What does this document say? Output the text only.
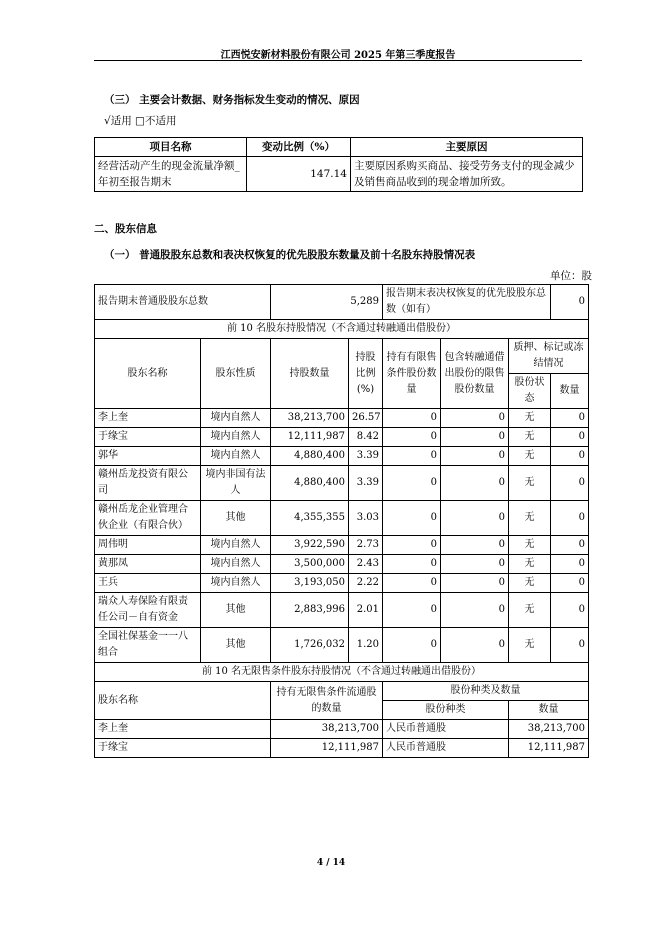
江西悦安新材料股份有限公司 2025 年第三季度报告
（三） 主要会计数据、财务指标发生变动的情况、原因
√适用 □不适用
项目名称	变动比例（%）	主要原因
经营活动产生的现金流量净额_年初至报告期末	147.14	主要原因系购买商品、接受劳务支付的现金减少及销售商品收到的现金增加所致。
二、股东信息
（一） 普通股股东总数和表决权恢复的优先股股东数量及前十名股东持股情况表
单位：股
报告期末普通股股东总数		5,289		报告期末表决权恢复的优先股股东总数（如有）			0
前 10 名股东持股情况（不含通过转融通出借股份）							
股东名称	股东性质	持股数量	持股比例(%)	持有有限售条件股份数量	包含转融通借出股份的限售股份数量	质押、标记或冻结情况	
						股份状态	数量
李上奎	境内自然人	38,213,700	26.57	0	0	无	0
于缘宝	境内自然人	12,111,987	8.42	0	0	无	0
郭华	境内自然人	4,880,400	3.39	0	0	无	0
赣州岳龙投资有限公司	境内非国有法人	4,880,400	3.39	0	0	无	0
赣州岳龙企业管理合伙企业（有限合伙）	其他	4,355,355	3.03	0	0	无	0
周伟明	境内自然人	3,922,590	2.73	0	0	无	0
黄那凤	境内自然人	3,500,000	2.43	0	0	无	0
王兵	境内自然人	3,193,050	2.22	0	0	无	0
瑞众人寿保险有限责任公司－自有资金	其他	2,883,996	2.01	0	0	无	0
全国社保基金一一八组合	其他	1,726,032	1.20	0	0	无	0
前 10 名无限售条件股东持股情况（不含通过转融通出借股份）							
股东名称		持有无限售条件流通股的数量		股份种类及数量			
				股份种类		数量	
李上奎		38,213,700		人民币普通股		38,213,700	
于缘宝		12,111,987		人民币普通股		12,111,987	
4 / 14
